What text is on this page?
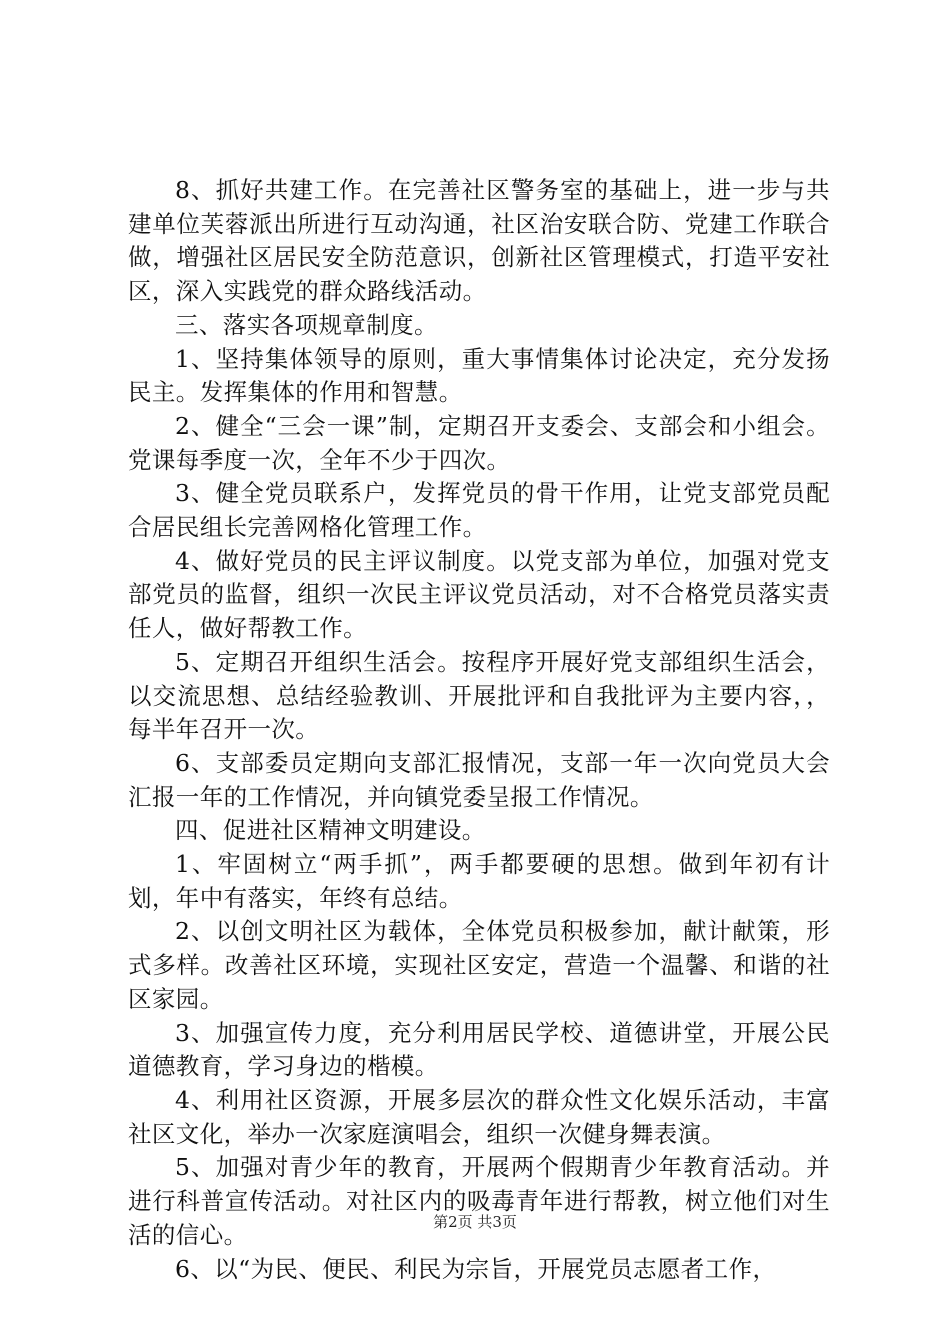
8、抓好共建工作。在完善社区警务室的基础上，进一步与共建单位芙蓉派出所进行互动沟通，社区治安联合防、党建工作联合做，增强社区居民安全防范意识，创新社区管理模式，打造平安社区，深入实践党的群众路线活动。

三、落实各项规章制度。

1、坚持集体领导的原则，重大事情集体讨论决定，充分发扬民主。发挥集体的作用和智慧。

2、健全“三会一课”制，定期召开支委会、支部会和小组会。党课每季度一次，全年不少于四次。

3、健全党员联系户，发挥党员的骨干作用，让党支部党员配合居民组长完善网格化管理工作。

4、做好党员的民主评议制度。以党支部为单位，加强对党支部党员的监督，组织一次民主评议党员活动，对不合格党员落实责任人，做好帮教工作。

5、定期召开组织生活会。按程序开展好党支部组织生活会，以交流思想、总结经验教训、开展批评和自我批评为主要内容，，每半年召开一次。

6、支部委员定期向支部汇报情况，支部一年一次向党员大会汇报一年的工作情况，并向镇党委呈报工作情况。

四、促进社区精神文明建设。

1、牢固树立“两手抓”，两手都要硬的思想。做到年初有计划，年中有落实，年终有总结。

2、以创文明社区为载体，全体党员积极参加，献计献策，形式多样。改善社区环境，实现社区安定，营造一个温馨、和谐的社区家园。

3、加强宣传力度，充分利用居民学校、道德讲堂，开展公民道德教育，学习身边的楷模。

4、利用社区资源，开展多层次的群众性文化娱乐活动，丰富社区文化，举办一次家庭演唱会，组织一次健身舞表演。

5、加强对青少年的教育，开展两个假期青少年教育活动。并进行科普宣传活动。对社区内的吸毒青年进行帮教，树立他们对生活的信心。

6、以“为民、便民、利民为宗旨，开展党员志愿者工作，

第2页 共3页
